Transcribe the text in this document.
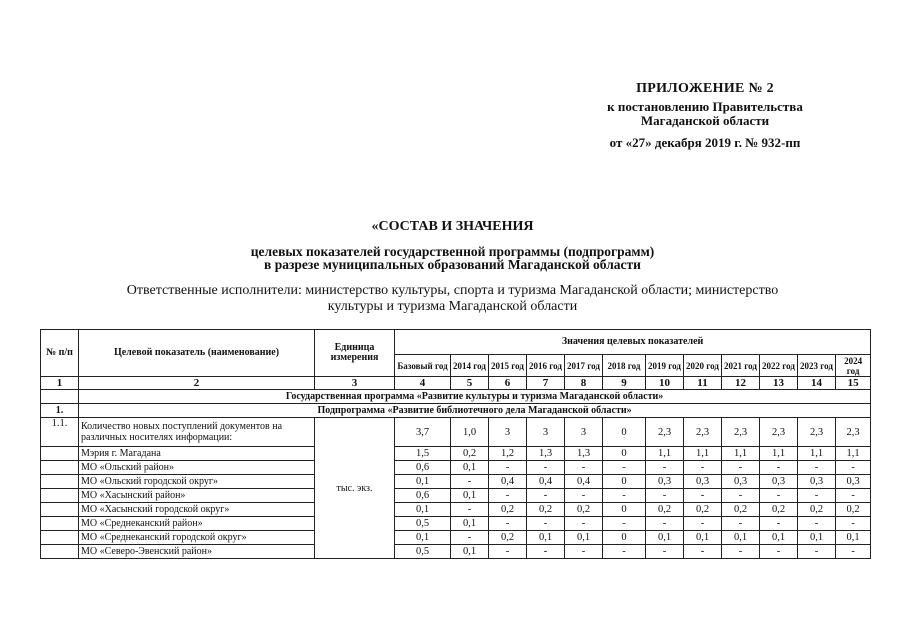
ПРИЛОЖЕНИЕ № 2
к постановлению Правительства
Магаданской области
от «27» декабря 2019 г. № 932-пп
«СОСТАВ И ЗНАЧЕНИЯ
целевых показателей государственной программы (подпрограмм)
в разрезе муниципальных образований Магаданской области
Ответственные исполнители: министерство культуры, спорта и туризма Магаданской области; министерство
культуры и туризма Магаданской области
№ п/п	Целевой показатель (наименование)	Единица измерения	Значения целевых показателей											
			Базовый год	2014 год	2015 год	2016 год	2017 год	2018 год	2019 год	2020 год	2021 год	2022 год	2023 год	2024 год
1	2	3	4	5	6	7	8	9	10	11	12	13	14	15
	Государственная программа «Развитие культуры и туризма Магаданской области»													
1.	Подпрограмма «Развитие библиотечного дела Магаданской области»													
1.1.	Количество новых поступлений документов на различных носителях информации:	тыс. экз.	3,7	1,0	3	3	3	0	2,3	2,3	2,3	2,3	2,3	2,3
	Мэрия г. Магадана		1,5	0,2	1,2	1,3	1,3	0	1,1	1,1	1,1	1,1	1,1	1,1
	МО «Ольский район»		0,6	0,1	-	-	-	-	-	-	-	-	-	-
	МО «Ольский городской округ»		0,1	-	0,4	0,4	0,4	0	0,3	0,3	0,3	0,3	0,3	0,3
	МО «Хасынский район»		0,6	0,1	-	-	-	-	-	-	-	-	-	-
	МО «Хасынский городской округ»		0,1	-	0,2	0,2	0,2	0	0,2	0,2	0,2	0,2	0,2	0,2
	МО «Среднеканский район»		0,5	0,1	-	-	-	-	-	-	-	-	-	-
	МО «Среднеканский городской округ»		0,1	-	0,2	0,1	0,1	0	0,1	0,1	0,1	0,1	0,1	0,1
	МО «Северо-Эвенский район»		0,5	0,1	-	-	-	-	-	-	-	-	-	-
